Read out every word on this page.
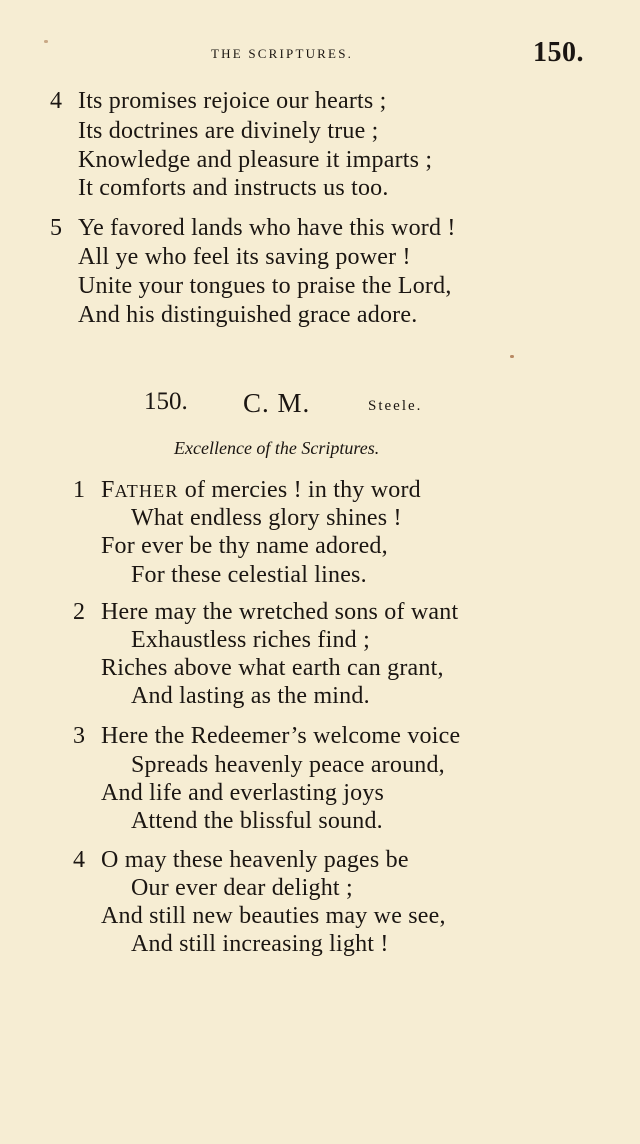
THE SCRIPTURES.	150.
4 Its promises rejoice our hearts ;
Its doctrines are divinely true ;
Knowledge and pleasure it imparts ;
It comforts and instructs us too.
5 Ye favored lands who have this word !
All ye who feel its saving power !
Unite your tongues to praise the Lord,
And his distinguished grace adore.
150. C. M.	Steele.
Excellence of the Scriptures.
1 FATHER of mercies ! in thy word
What endless glory shines !
For ever be thy name adored,
For these celestial lines.
2 Here may the wretched sons of want
Exhaustless riches find ;
Riches above what earth can grant,
And lasting as the mind.
3 Here the Redeemer’s welcome voice
Spreads heavenly peace around,
And life and everlasting joys
Attend the blissful sound.
4 O may these heavenly pages be
Our ever dear delight ;
And still new beauties may we see,
And still increasing light !
